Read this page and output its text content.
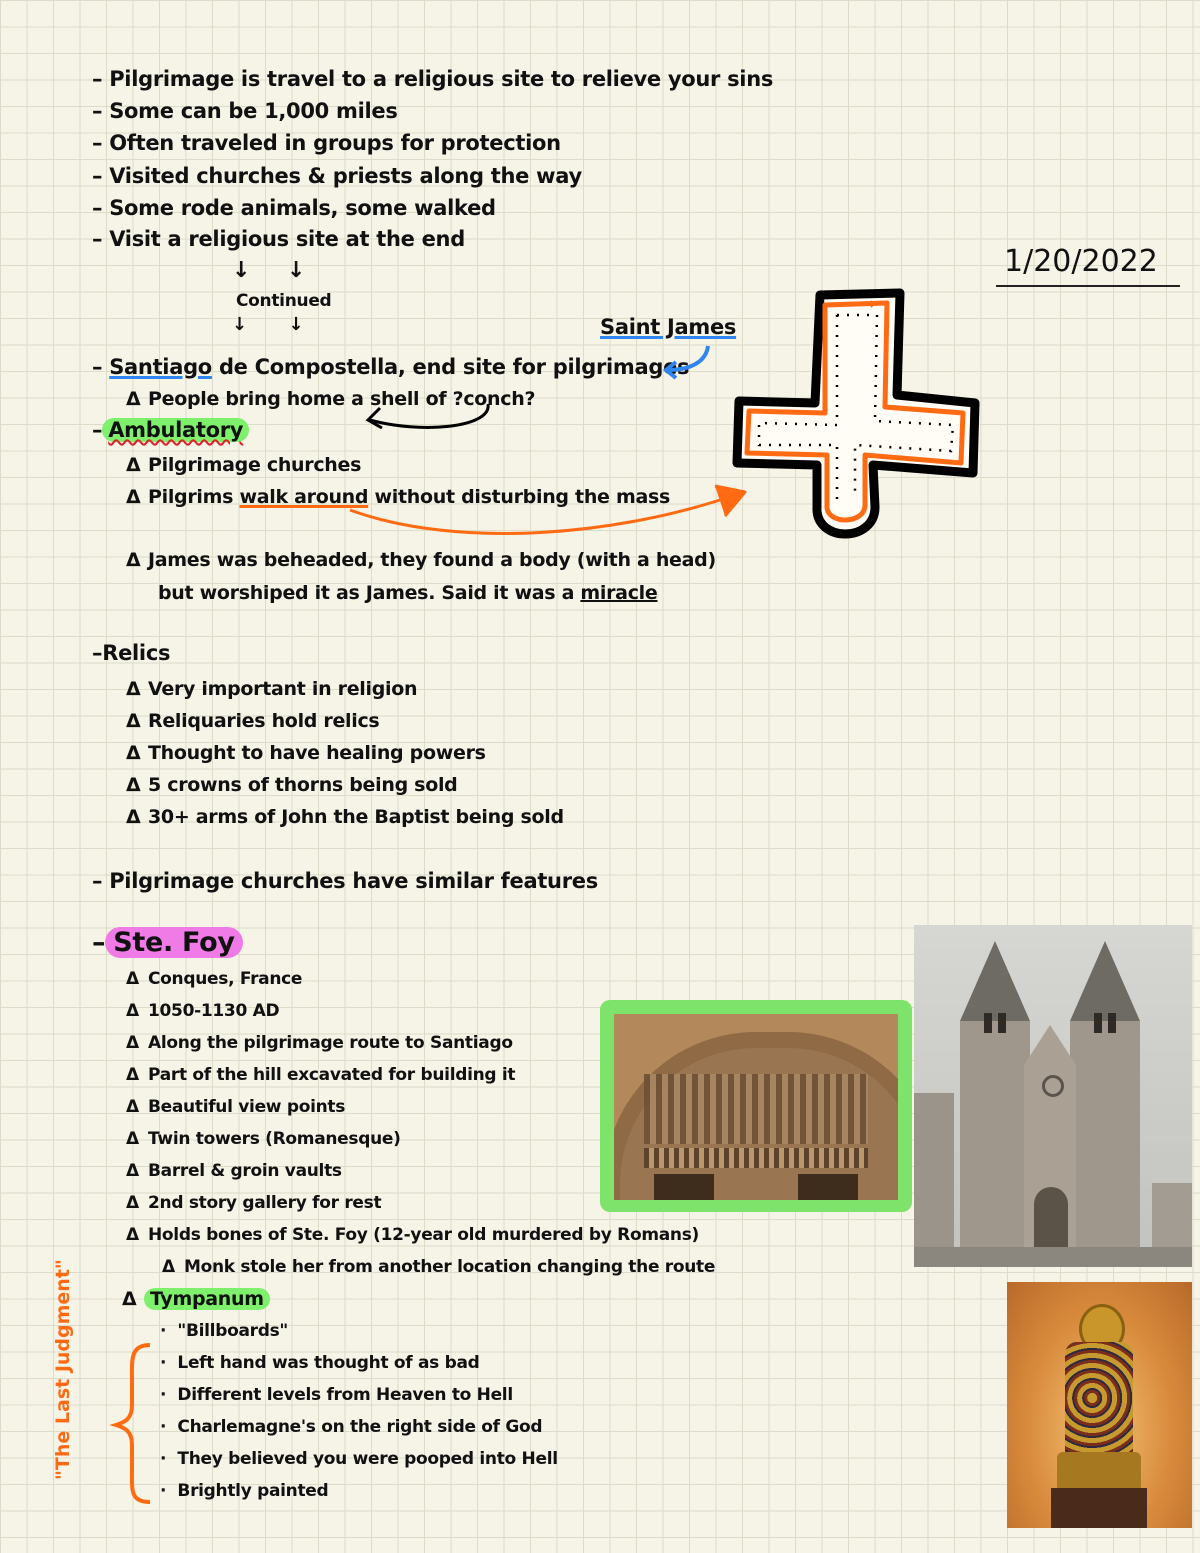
– Pilgrimage is travel to a religious site to relieve your sins
– Some can be 1,000 miles
– Often traveled in groups for protection
– Visited churches & priests along the way
– Some rode animals, some walked
– Visit a religious site at the end
↓     ↓
Continued
↓       ↓
1/20/2022
Saint James
– Santiago de Compostella, end site for pilgrimages
Δ People bring home a shell of ?conch?
– Ambulatory
Δ Pilgrimage churches
Δ Pilgrims walk around without disturbing the mass
Δ James was beheaded, they found a body (with a head)
but worshiped it as James. Said it was a miracle
–Relics
Δ Very important in religion
Δ Reliquaries hold relics
Δ Thought to have healing powers
Δ 5 crowns of thorns being sold
Δ 30+ arms of John the Baptist being sold
– Pilgrimage churches have similar features
– Ste. Foy
Δ Conques, France
Δ 1050-1130 AD
Δ Along the pilgrimage route to Santiago
Δ Part of the hill excavated for building it
Δ Beautiful view points
Δ Twin towers (Romanesque)
Δ Barrel & groin vaults
Δ 2nd story gallery for rest
Δ Holds bones of Ste. Foy (12-year old murdered by Romans)
Δ Monk stole her from another location changing the route
Δ Tympanum
·  "Billboards"
·  Left hand was thought of as bad
·  Different levels from Heaven to Hell
·  Charlemagne's on the right side of God
·  They believed you were pooped into Hell
·  Brightly painted
"The Last Judgment"
→
